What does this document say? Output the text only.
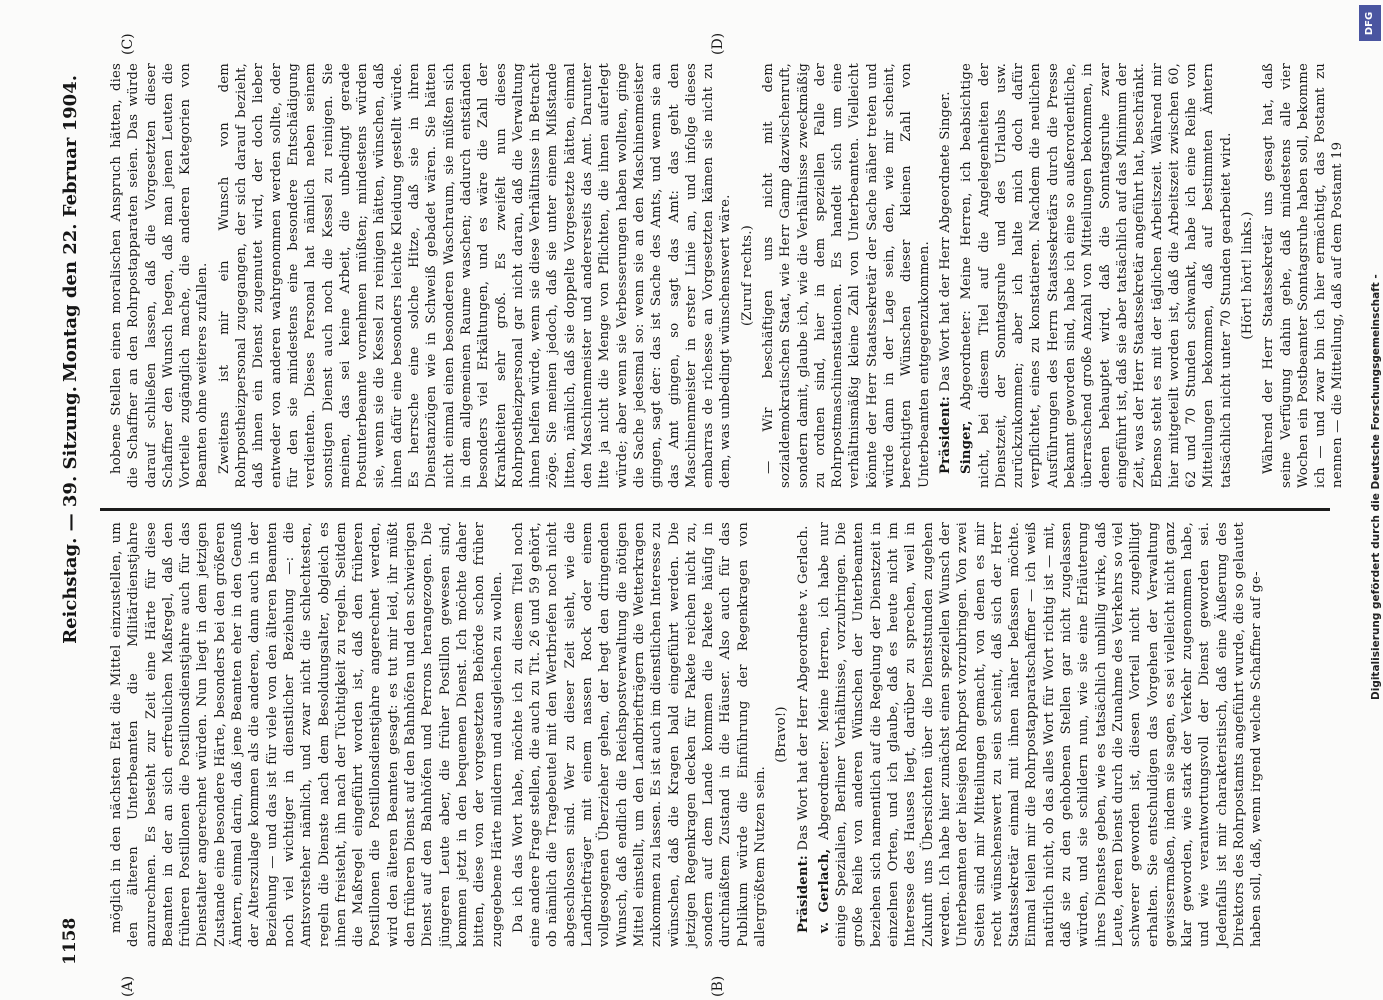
1158
Reichstag. — 39. Sitzung.
Montag den 22. Februar 1904.
(A)	(B)
(C)	(D)

möglich in den nächsten Etat die Mittel einzustellen, um den älteren Unterbeamten die Militärdienstjahre anzurechnen. Es besteht zur Zeit eine Härte für diese Beamten in der an sich erfreulichen Maßregel, daß den früheren Postillonen die Postillonsdienstjahre auch für das Dienstalter angerechnet würden. Nun liegt in dem jetzigen Zustande eine besondere Härte, besonders bei den größeren Ämtern, einmal darin, daß jene Beamten eher in den Genuß der Alterszulage kommen als die anderen, dann auch in der Beziehung — und das ist für viele von den älteren Beamten noch viel wichtiger in dienstlicher Beziehung —: die Amtsvorsteher nämlich, und zwar nicht die schlechtesten, regeln die Dienste nach dem Besoldungsalter, obgleich es ihnen freisteht, ihn nach der Tüchtigkeit zu regeln. Seitdem die Maßregel eingeführt worden ist, daß den früheren Postillonen die Postillonsdienstjahre angerechnet werden, wird den älteren Beamten gesagt: es tut mir leid, ihr müßt den früheren Dienst auf den Bahnhöfen und den schwierigen Dienst auf den Bahnhöfen und Perrons herangezogen. Die jüngeren Leute aber, die früher Postillon gewesen sind, kommen jetzt in den bequemen Dienst. Ich möchte daher bitten, diese von der vorgesetzten Behörde schon früher zugegebene Härte mildern und ausgleichen zu wollen. Da ich das Wort habe, möchte ich zu diesem Titel noch eine andere Frage stellen, die auch zu Tit. 26 und 59 gehört, ob nämlich die Tragebeutel mit den Wertbriefen noch nicht abgeschlossen sind. Wer zu dieser Zeit sieht, wie die Landbriefträger mit einem nassen Rock oder einem vollgesogenen Überzieher gehen, der hegt den dringenden Wunsch, daß endlich die Reichspostverwaltung die nötigen Mittel einstellt, um den Landbriefträgern die Wetterkragen zukommen zu lassen. Es ist auch im dienstlichen Interesse zu wünschen, daß die Kragen bald eingeführt werden. Die jetzigen Regenkragen decken für Pakete reichen nicht zu, sondern auf dem Lande kommen die Pakete häufig in durchnäßtem Zustand in die Häuser. Also auch für das Publikum würde die Einführung der Regenkragen von allergrößtem Nutzen sein.

(Bravo!)

Präsident: Das Wort hat der Herr Abgeordnete v. Gerlach.

v. Gerlach, Abgeordneter: Meine Herren, ich habe nur einige Spezialien, Berliner Verhältnisse, vorzubringen. Die große Reihe von anderen Wünschen der Unterbeamten beziehen sich namentlich auf die Regelung der Dienstzeit in einzelnen Orten, und ich glaube, daß es heute nicht im Interesse des Hauses liegt, darüber zu sprechen, weil in Zukunft uns Übersichten über die Dienststunden zugehen werden. Ich habe hier zunächst einen speziellen Wunsch der Unterbeamten der hiesigen Rohrpost vorzubringen. Von zwei Seiten sind mir Mitteilungen gemacht, von denen es mir recht wünschenswert zu sein scheint, daß sich der Herr Staatssekretär einmal mit ihnen näher befassen möchte. Einmal teilen mir die Rohrpostapparatschaffner — ich weiß natürlich nicht, ob das alles Wort für Wort richtig ist — mit, daß sie zu den gehobenen Stellen gar nicht zugelassen würden, und sie schildern nun, wie sie eine Erläuterung ihres Dienstes geben, wie es tatsächlich unbillig wirke, daß Leute, deren Dienst durch die Zunahme des Verkehrs so viel schwerer geworden ist, diesen Vorteil nicht zugebilligt erhalten. Sie entschuldigen das Vorgehen der Verwaltung gewissermaßen, indem sie sagen, es sei vielleicht nicht ganz klar geworden, wie stark der Verkehr zugenommen habe, und wie verantwortungsvoll der Dienst geworden sei. Jedenfalls ist mir charakteristisch, daß eine Äußerung des Direktors des Rohrpostamts angeführt wurde, die so gelautet haben soll, daß, wenn irgend welche Schaffner auf ge-

hobene Stellen einen moralischen Anspruch hätten, dies die Schaffner an den Rohrpostapparaten seien. Das würde darauf schließen lassen, daß die Vorgesetzten dieser Schaffner den Wunsch hegen, daß man jenen Leuten die Vorteile zugänglich mache, die anderen Kategorien von Beamten ohne weiteres zufallen. Zweitens ist mir ein Wunsch von dem Rohrpostheizpersonal zugegangen, der sich darauf bezieht, daß ihnen ein Dienst zugemutet wird, der doch lieber entweder von anderen wahrgenommen werden sollte, oder für den sie mindestens eine besondere Entschädigung verdienten. Dieses Personal hat nämlich neben seinem sonstigen Dienst auch noch die Kessel zu reinigen. Sie meinen, das sei keine Arbeit, die unbedingt gerade Postunterbeamte vornehmen müßten; mindestens würden sie, wenn sie die Kessel zu reinigen hätten, wünschen, daß ihnen dafür eine besonders leichte Kleidung gestellt würde. Es herrsche eine solche Hitze, daß sie in ihren Dienstanzügen wie in Schweiß gebadet wären. Sie hätten nicht einmal einen besonderen Waschraum, sie müßten sich in dem allgemeinen Raume waschen; dadurch entständen besonders viel Erkältungen, und es wäre die Zahl der Krankheiten sehr groß. Es zweifelt nun dieses Rohrpostheizpersonal gar nicht daran, daß die Verwaltung ihnen helfen würde, wenn sie diese Verhältnisse in Betracht zöge. Sie meinen jedoch, daß sie unter einem Mißstande litten, nämlich, daß sie doppelte Vorgesetzte hätten, einmal den Maschinenmeister und andererseits das Amt. Darunter litte ja nicht die Menge von Pflichten, die ihnen auferlegt würde; aber wenn sie Verbesserungen haben wollten, ginge die Sache jedesmal so: wenn sie an den Maschinenmeister gingen, sagt der: das ist Sache des Amts, und wenn sie an das Amt gingen, so sagt das Amt: das geht den Maschinenmeister in erster Linie an, und infolge dieses embarras de richesse an Vorgesetzten kämen sie nicht zu dem, was unbedingt wünschenswert wäre. (Zuruf rechts.) — Wir beschäftigen uns nicht mit dem sozialdemokratischen Staat, wie Herr Gamp dazwischenruft, sondern damit, glaube ich, wie die Verhältnisse zweckmäßig zu ordnen sind, hier in dem speziellen Falle der Rohrpostmaschinenstationen. Es handelt sich um eine verhältnismäßig kleine Zahl von Unterbeamten. Vielleicht könnte der Herr Staatssekretär der Sache näher treten und würde dann in der Lage sein, den, wie mir scheint, berechtigten Wünschen dieser kleinen Zahl von Unterbeamten entgegenzukommen. Präsident: Das Wort hat der Herr Abgeordnete Singer.

Singer, Abgeordneter: Meine Herren, ich beabsichtige nicht, bei diesem Titel auf die Angelegenheiten der Dienstzeit, der Sonntagsruhe und des Urlaubs usw. zurückzukommen; aber ich halte mich doch dafür verpflichtet, eines zu konstatieren. Nachdem die neulichen Ausführungen des Herrn Staatssekretärs durch die Presse bekannt geworden sind, habe ich eine so außerordentliche, überraschend große Anzahl von Mitteilungen bekommen, in denen behauptet wird, daß die Sonntagsruhe zwar eingeführt ist, daß sie aber tatsächlich auf das Minimum der Zeit, was der Herr Staatssekretär angeführt hat, beschränkt. Ebenso steht es mit der täglichen Arbeitszeit. Während mir hier mitgeteilt worden ist, daß die Arbeitszeit zwischen 60, 62 und 70 Stunden schwankt, habe ich eine Reihe von Mitteilungen bekommen, daß auf bestimmten Ämtern tatsächlich nicht unter 70 Stunden gearbeitet wird. (Hört! hört! links.) Während der Herr Staatssekretär uns gesagt hat, daß seine Verfügung dahin gehe, daß mindestens alle vier Wochen ein Postbeamter Sonntagsruhe haben soll, bekomme ich — und zwar bin ich hier ermächtigt, das Postamt zu nennen — die Mitteilung, daß auf dem Postamt 19 Digitalisierung gefördert durch die Deutsche Forschungsgemeinschaft -
DFG
